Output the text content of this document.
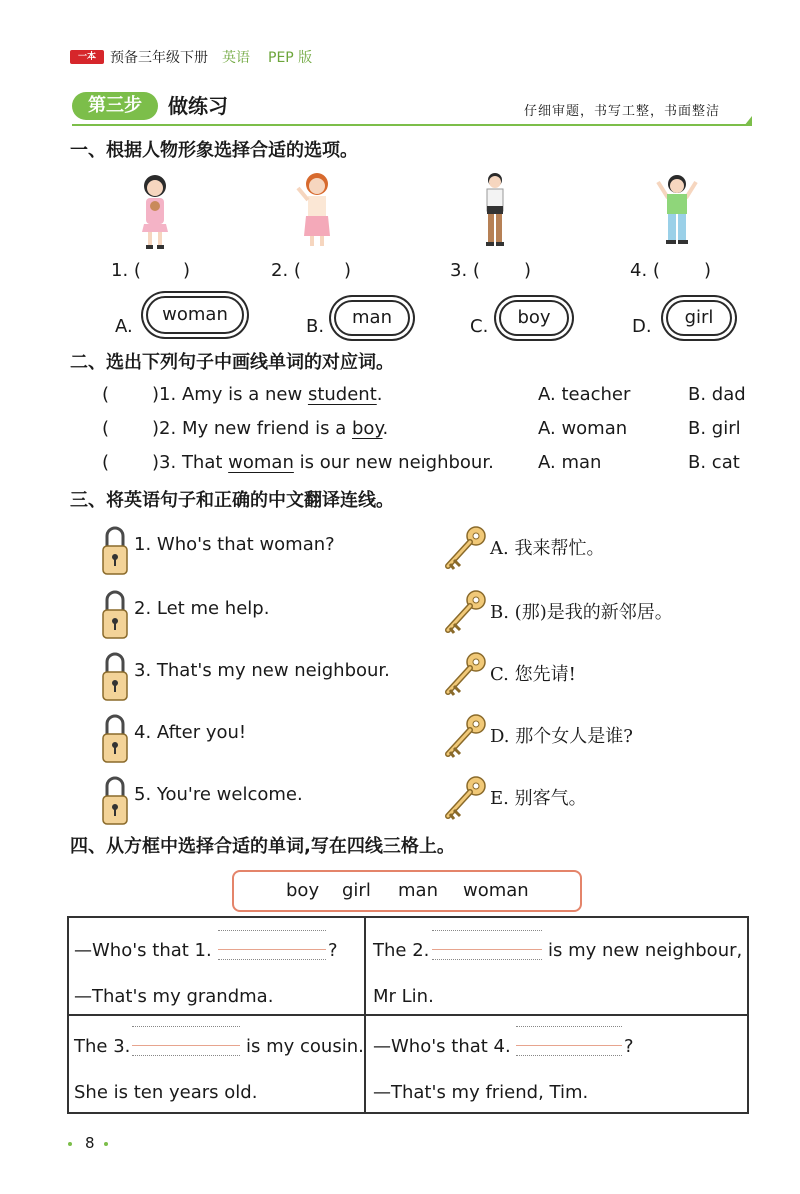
一本	预备三年级下册 英语 PEP 版
第三步	做练习	仔细审题，书写工整，书面整洁
一、根据人物形象选择合适的选项。
1. ( )	2. ( )	3. ( )	4. ( )
A.
woman
B.	man	C.	boy	D.	girl
二、选出下列句子中画线单词的对应词。
( )1. Amy is a new student.	A. teacher	B. dad
( )2. My new friend is a boy.	A. woman	B. girl
( )3. That woman is our new neighbour. A. man	B. cat
三、将英语句子和正确的中文翻译连线。
1. Who's that woman?	A. 我来帮忙。
2. Let me help.	B. (那)是我的新邻居。
3. That's my new neighbour.	C. 您先请!
4. After you!	D. 那个女人是谁?
5. You're welcome.	E. 别客气。
四、从方框中选择合适的单词,写在四线三格上。
boy girl man woman
—Who's that 1.	?
—That's my grandma.
The 2.	is my new neighbour,
Mr Lin.
The 3.	is my cousin.
She is ten years old.
—Who's that 4.	?
—That's my friend, Tim.
8
